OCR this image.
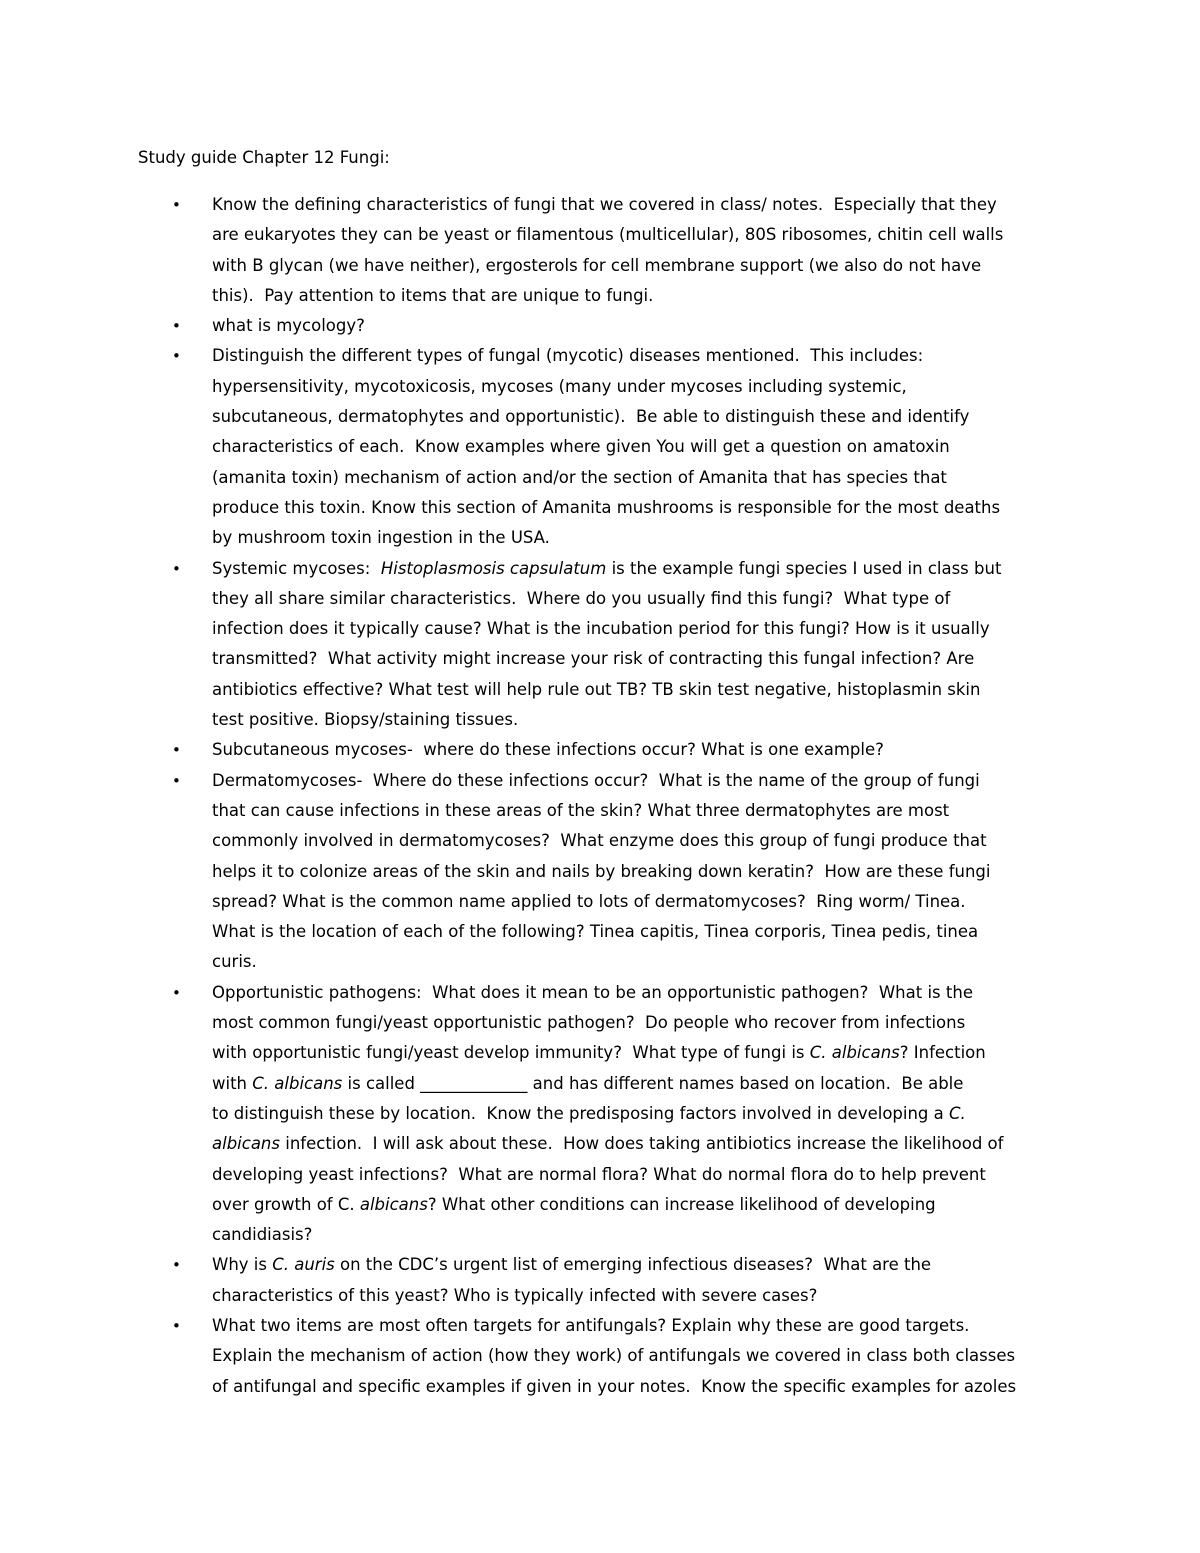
Study guide Chapter 12 Fungi:
• Know the defining characteristics of fungi that we covered in class/ notes.  Especially that they
are eukaryotes they can be yeast or filamentous (multicellular), 80S ribosomes, chitin cell walls
with B glycan (we have neither), ergosterols for cell membrane support (we also do not have
this).  Pay attention to items that are unique to fungi.
• what is mycology?
• Distinguish the different types of fungal (mycotic) diseases mentioned.  This includes:
hypersensitivity, mycotoxicosis, mycoses (many under mycoses including systemic,
subcutaneous, dermatophytes and opportunistic).  Be able to distinguish these and identify
characteristics of each.  Know examples where given You will get a question on amatoxin
(amanita toxin) mechanism of action and/or the section of Amanita that has species that
produce this toxin. Know this section of Amanita mushrooms is responsible for the most deaths
by mushroom toxin ingestion in the USA.
• Systemic mycoses:  Histoplasmosis capsulatum is the example fungi species I used in class but
they all share similar characteristics.  Where do you usually find this fungi?  What type of
infection does it typically cause? What is the incubation period for this fungi? How is it usually
transmitted?  What activity might increase your risk of contracting this fungal infection? Are
antibiotics effective? What test will help rule out TB? TB skin test negative, histoplasmin skin
test positive. Biopsy/staining tissues.
• Subcutaneous mycoses-  where do these infections occur? What is one example?
• Dermatomycoses-  Where do these infections occur?  What is the name of the group of fungi
that can cause infections in these areas of the skin? What three dermatophytes are most
commonly involved in dermatomycoses?  What enzyme does this group of fungi produce that
helps it to colonize areas of the skin and nails by breaking down keratin?  How are these fungi
spread? What is the common name applied to lots of dermatomycoses?  Ring worm/ Tinea.
What is the location of each of the following? Tinea capitis, Tinea corporis, Tinea pedis, tinea
curis.
• Opportunistic pathogens:  What does it mean to be an opportunistic pathogen?  What is the
most common fungi/yeast opportunistic pathogen?  Do people who recover from infections
with opportunistic fungi/yeast develop immunity?  What type of fungi is C. albicans? Infection
with C. albicans is called _____________ and has different names based on location.  Be able
to distinguish these by location.  Know the predisposing factors involved in developing a C.
albicans infection.  I will ask about these.  How does taking antibiotics increase the likelihood of
developing yeast infections?  What are normal flora? What do normal flora do to help prevent
over growth of C. albicans? What other conditions can increase likelihood of developing
candidiasis?
• Why is C. auris on the CDC’s urgent list of emerging infectious diseases?  What are the
characteristics of this yeast? Who is typically infected with severe cases?
• What two items are most often targets for antifungals? Explain why these are good targets.
Explain the mechanism of action (how they work) of antifungals we covered in class both classes
of antifungal and specific examples if given in your notes.  Know the specific examples for azoles
